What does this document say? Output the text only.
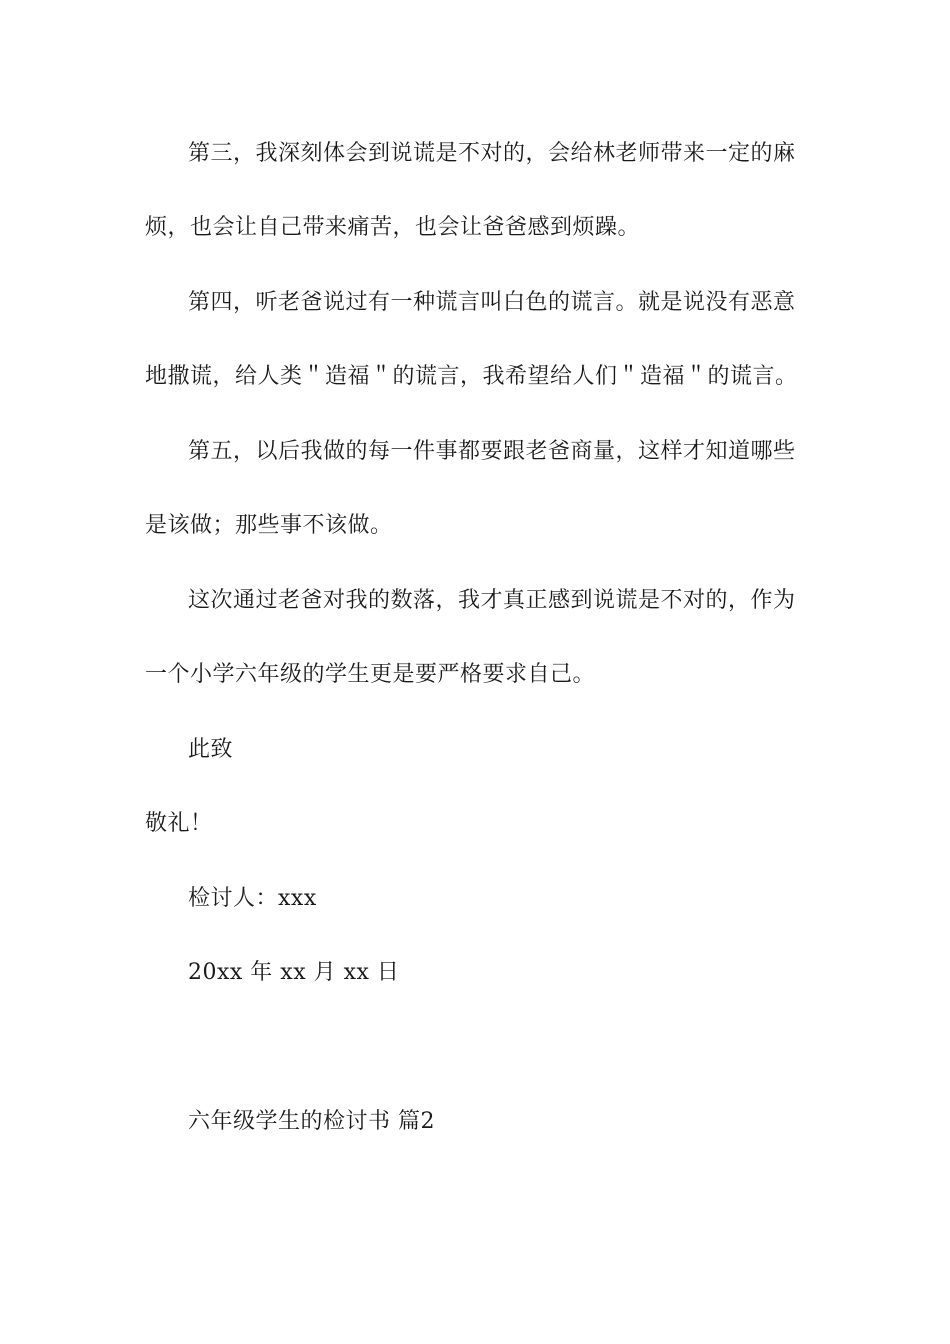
第三，我深刻体会到说谎是不对的，会给林老师带来一定的麻
烦，也会让自己带来痛苦，也会让爸爸感到烦躁。
第四，听老爸说过有一种谎言叫白色的谎言。就是说没有恶意
地撒谎，给人类＂造福＂的谎言，我希望给人们＂造福＂的谎言。
第五，以后我做的每一件事都要跟老爸商量，这样才知道哪些
是该做；那些事不该做。
这次通过老爸对我的数落，我才真正感到说谎是不对的，作为
一个小学六年级的学生更是要严格要求自己。
此致
敬礼！
检讨人：xxx
20xx 年 xx 月 xx 日
六年级学生的检讨书 篇2
